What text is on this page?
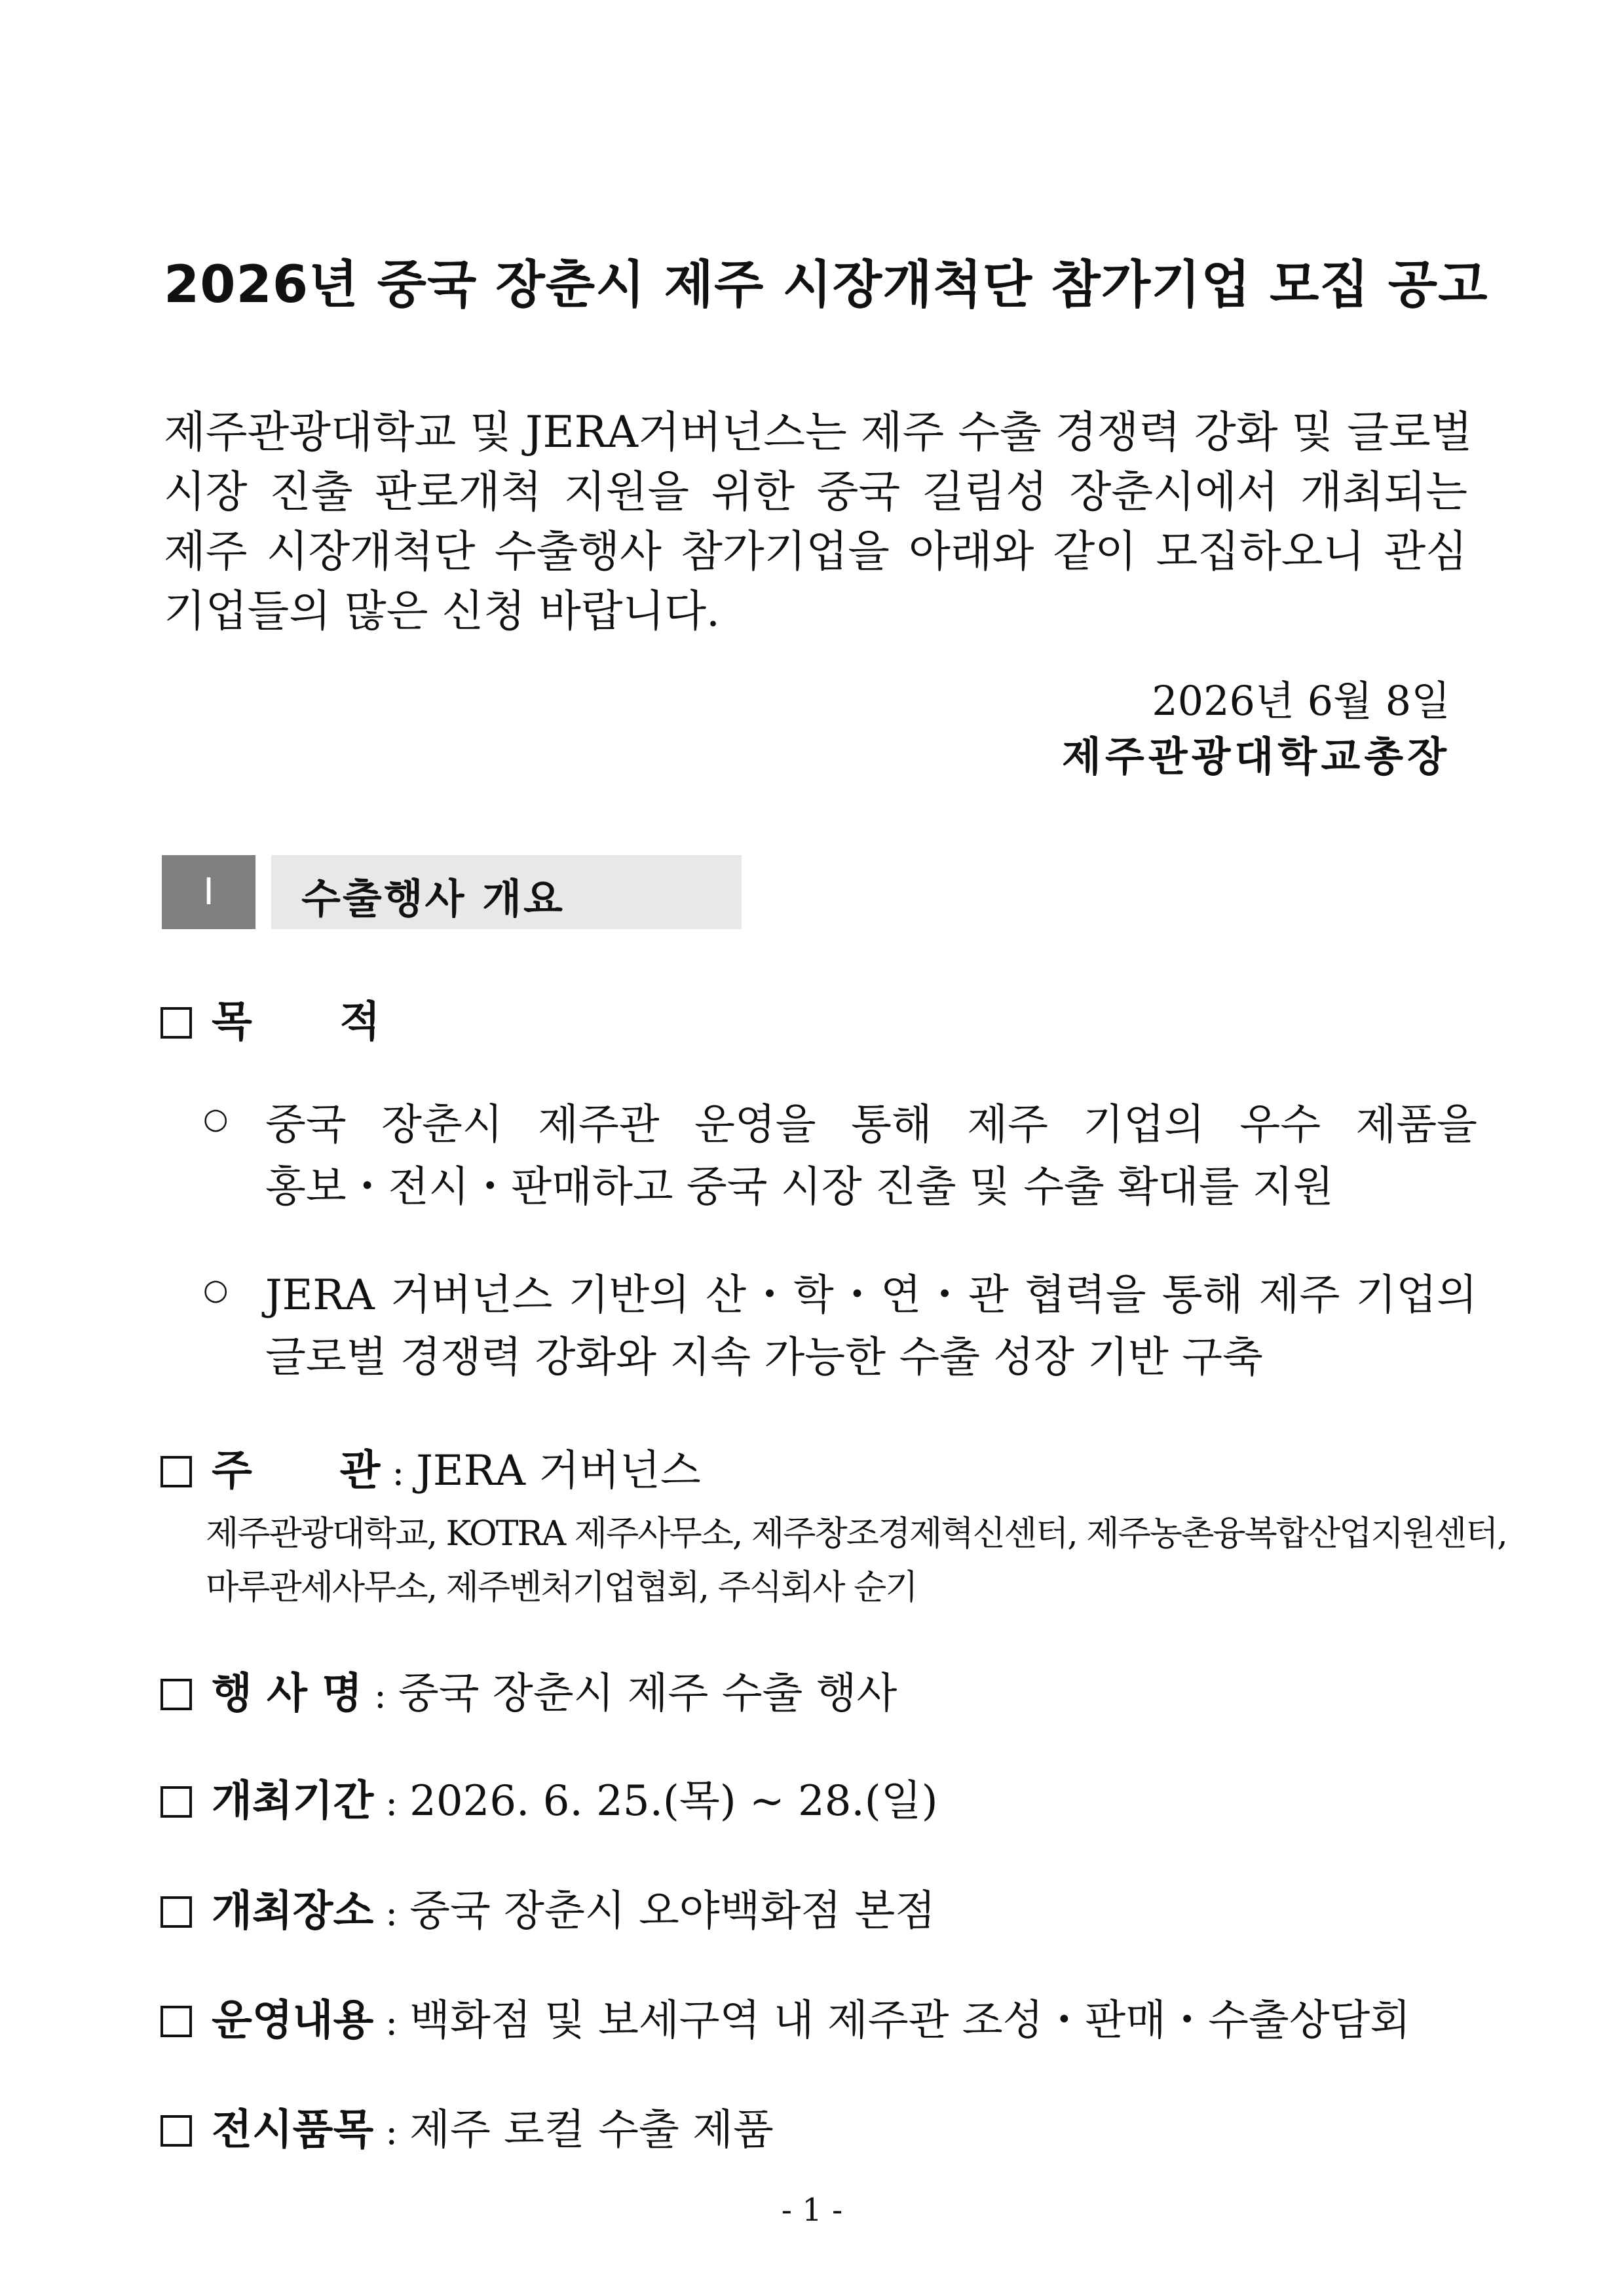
2026년 중국 장춘시 제주 시장개척단 참가기업 모집 공고
제주관광대학교 및 JERA거버넌스는 제주 수출 경쟁력 강화 및 글로벌
시장 진출 판로개척 지원을 위한 중국 길림성 장춘시에서 개최되는
제주 시장개척단 수출행사 참가기업을 아래와 같이 모집하오니 관심
기업들의 많은 신청 바랍니다.
2026년 6월 8일
제주관광대학교총장
Ⅰ	수출행사 개요
목      적
○ 중국 장춘시 제주관 운영을 통해 제주 기업의 우수 제품을
홍보・전시・판매하고 중국 시장 진출 및 수출 확대를 지원
○ JERA 거버넌스 기반의 산・학・연・관 협력을 통해 제주 기업의
글로벌 경쟁력 강화와 지속 가능한 수출 성장 기반 구축
주      관 : JERA 거버넌스
제주관광대학교, KOTRA 제주사무소, 제주창조경제혁신센터, 제주농촌융복합산업지원센터,
마루관세사무소, 제주벤처기업협회, 주식회사 순기
행 사 명 : 중국 장춘시 제주 수출 행사
개최기간 : 2026. 6. 25.(목) ~ 28.(일)
개최장소 : 중국 장춘시 오야백화점 본점
운영내용 : 백화점 및 보세구역 내 제주관 조성・판매・수출상담회
전시품목 : 제주 로컬 수출 제품
- 1 -
